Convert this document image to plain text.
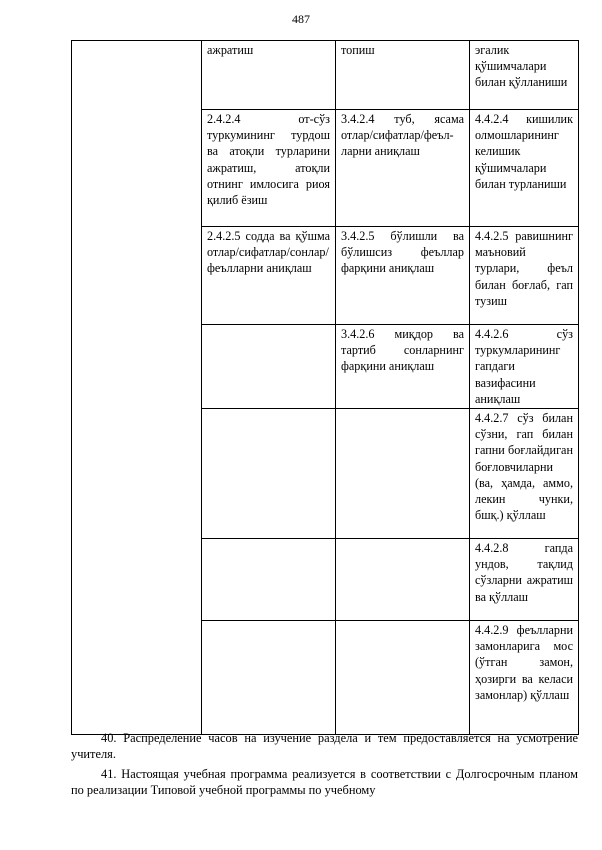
487
	ажратиш	топиш	эгалик қўшимчалари билан қўлланиши
	2.4.2.4 от-сўз туркумининг турдош ва атоқли турларини ажратиш, атоқли отнинг имлосига риоя қилиб ёзиш	3.4.2.4 туб, ясама отлар/сифатлар/феъл-ларни аниқлаш	4.4.2.4 кишилик олмошларининг келишик қўшимчалари билан турланиши
	2.4.2.5 содда ва қўшма отлар/сифатлар/сонлар/ феълларни аниқлаш	3.4.2.5 бўлишли ва бўлишсиз феъллар фарқини аниқлаш	4.4.2.5 равишнинг маъновий турлари, феъл билан боғлаб, гап тузиш
		3.4.2.6 миқдор ва тартиб сонларнинг фарқини аниқлаш	4.4.2.6 сўз туркумларининг гапдаги вазифасини аниқлаш
			4.4.2.7 сўз билан сўзни, гап билан гапни боғлайдиган боғловчиларни (ва, ҳамда, аммо, лекин чунки, бшқ.) қўллаш
			4.4.2.8 гапда ундов, тақлид сўзларни ажратиш ва қўллаш
			4.4.2.9 феълларни замонларига мос (ўтган замон, ҳозирги ва келаси замонлар) қўллаш

40. Распределение часов на изучение раздела и тем предоставляется на усмотрение учителя.

41. Настоящая учебная программа реализуется в соответствии с Долгосрочным планом по реализации Типовой учебной программы по учебному
